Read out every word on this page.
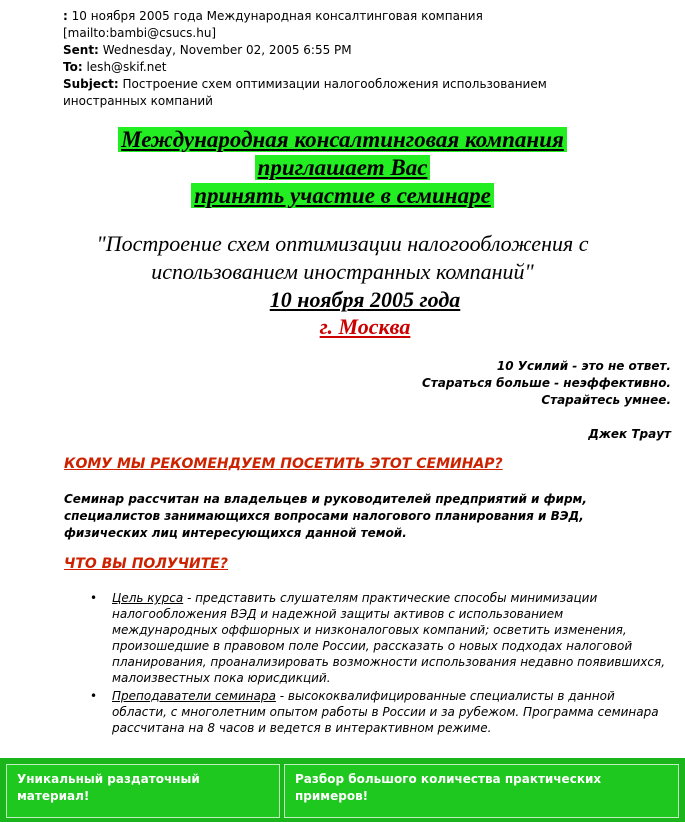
: 10 ноября 2005 года Международная консалтинговая компания [mailto:bambi@csucs.hu]
Sent: Wednesday, November 02, 2005 6:55 PM
To: lesh@skif.net
Subject: Построение схем оптимизации налогообложения использованием иностранных компаний
Международная консалтинговая компания
приглашает Вас
принять участие в семинаре
"Построение схем оптимизации налогообложения с использованием иностранных компаний"
10 ноября 2005 года
г. Москва
10 Усилий - это не ответ.
Стараться больше - неэффективно.
Старайтесь умнее.
Джек Траут
КОМУ МЫ РЕКОМЕНДУЕМ ПОСЕТИТЬ ЭТОТ СЕМИНАР?
Семинар рассчитан на владельцев и руководителей предприятий и фирм, специалистов занимающихся вопросами налогового планирования и ВЭД, физических лиц интересующихся данной темой.
ЧТО ВЫ ПОЛУЧИТЕ?
• Цель курса - представить слушателям практические способы минимизации налогообложения ВЭД и надежной защиты активов с использованием международных оффшорных и низконалоговых компаний; осветить изменения, произошедшие в правовом поле России, рассказать о новых подходах налоговой планирования, проанализировать возможности использования недавно появившихся, малоизвестных пока юрисдикций.
• Преподаватели семинара - высококвалифицированные специалисты в данной области, с многолетним опытом работы в России и за рубежом. Программа семинара рассчитана на 8 часов и ведется в интерактивном режиме.
Уникальный раздаточный материал!
Разбор большого количества практических примеров!
